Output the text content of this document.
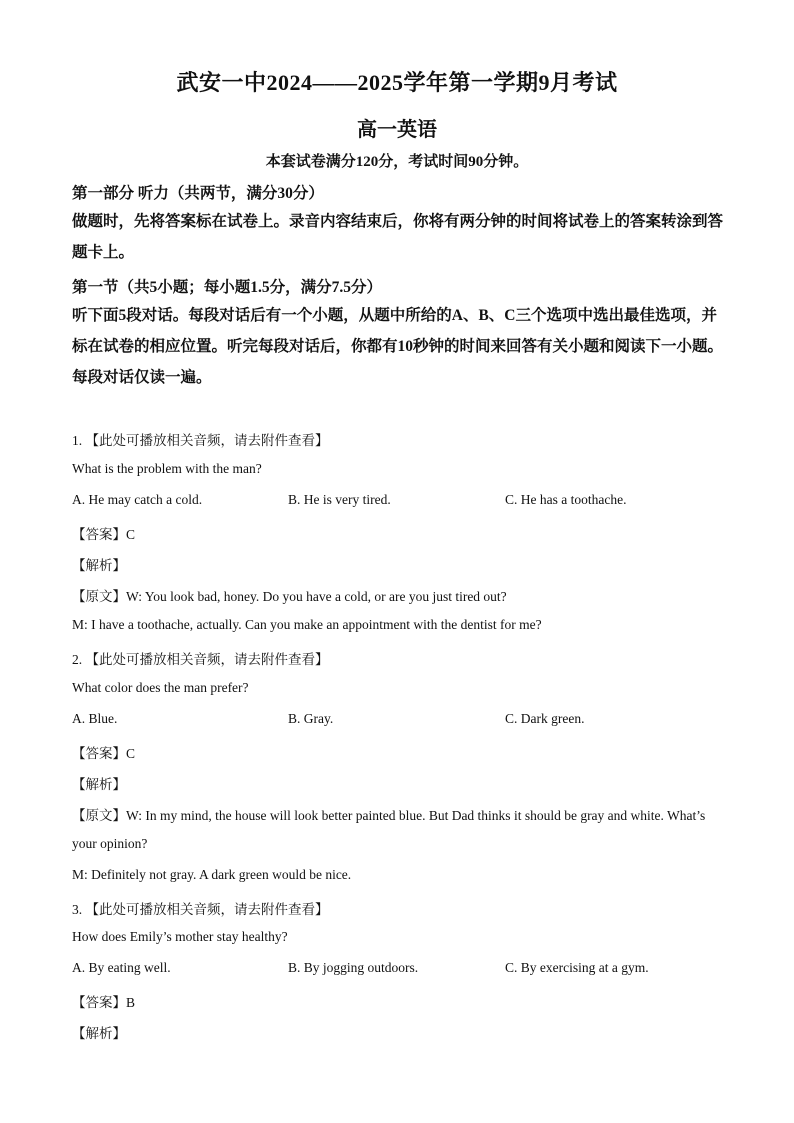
武安一中2024——2025学年第一学期9月考试
高一英语
本套试卷满分120分，考试时间90分钟。
第一部分 听力（共两节，满分30分）
做题时，先将答案标在试卷上。录音内容结束后，你将有两分钟的时间将试卷上的答案转涂到答题卡上。
第一节（共5小题；每小题1.5分，满分7.5分）
听下面5段对话。每段对话后有一个小题，从题中所给的A、B、C三个选项中选出最佳选项，并标在试卷的相应位置。听完每段对话后，你都有10秒钟的时间来回答有关小题和阅读下一小题。每段对话仅读一遍。
1. 【此处可播放相关音频，请去附件查看】
What is the problem with the man?
A. He may catch a cold.	B. He is very tired.	C. He has a toothache.
【答案】C
【解析】
【原文】W: You look bad, honey. Do you have a cold, or are you just tired out?
M: I have a toothache, actually. Can you make an appointment with the dentist for me?
2. 【此处可播放相关音频，请去附件查看】
What color does the man prefer?
A. Blue.	B. Gray.	C. Dark green.
【答案】C
【解析】
【原文】W: In my mind, the house will look better painted blue. But Dad thinks it should be gray and white. What’s
your opinion?
M: Definitely not gray. A dark green would be nice.
3. 【此处可播放相关音频，请去附件查看】
How does Emily’s mother stay healthy?
A. By eating well.	B. By jogging outdoors.	C. By exercising at a gym.
【答案】B
【解析】
